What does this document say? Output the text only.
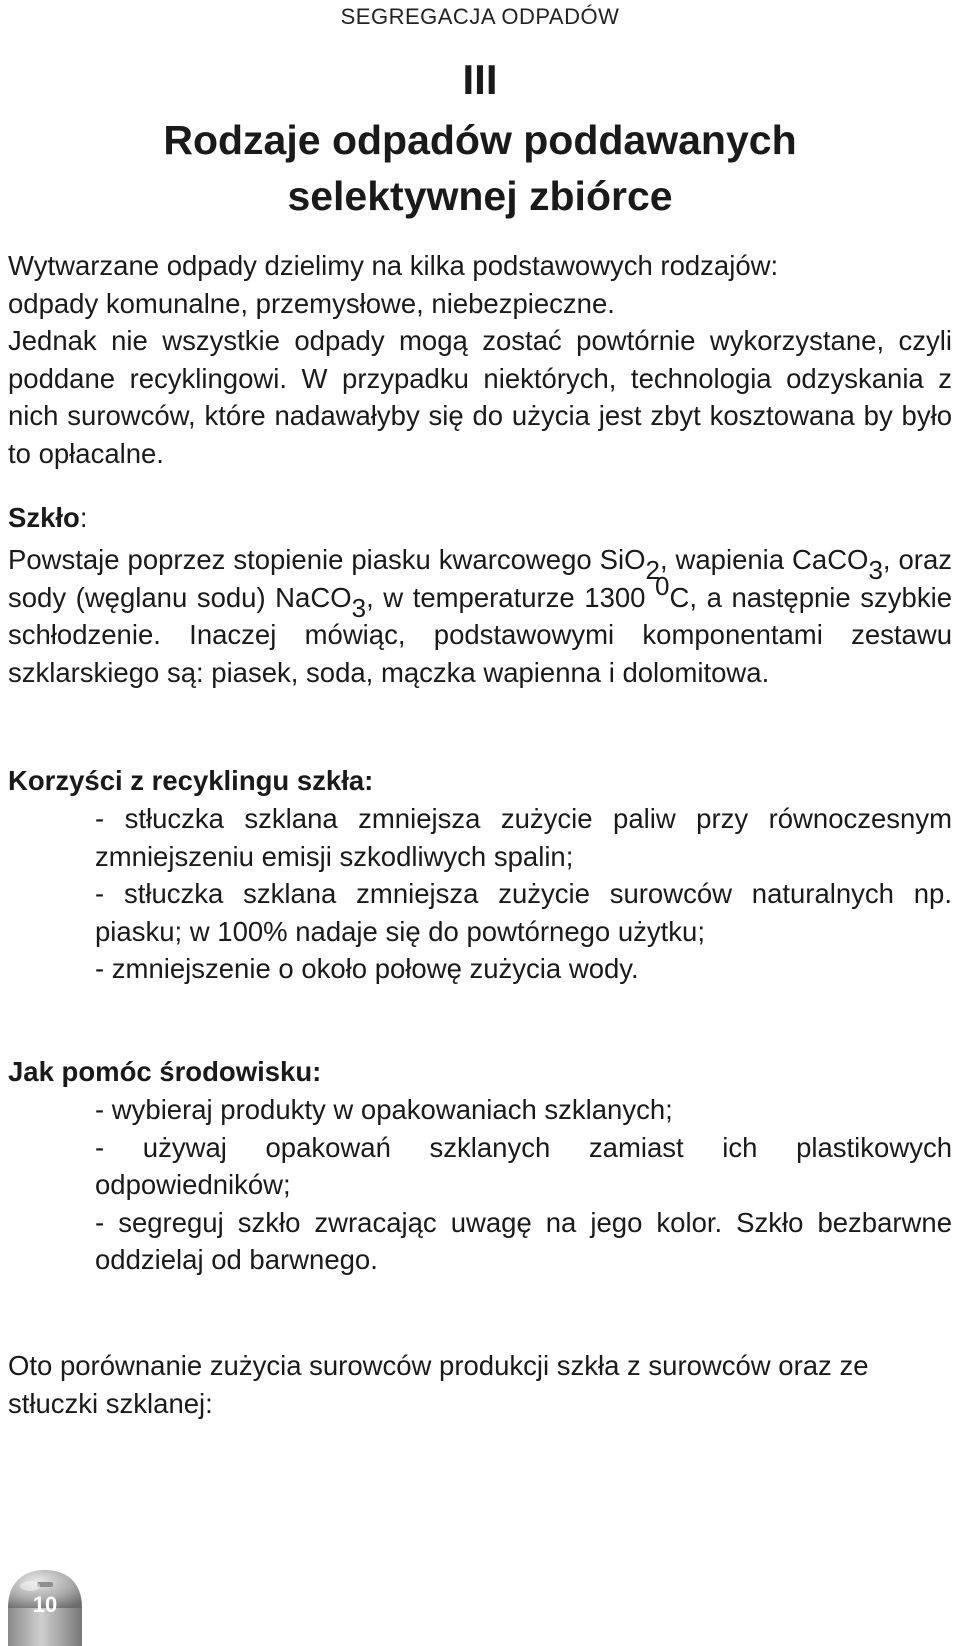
SEGREGACJA ODPADÓW
III
Rodzaje odpadów poddawanych
selektywnej zbiórce

Wytwarzane odpady dzielimy na kilka podstawowych rodzajów:

odpady komunalne, przemysłowe, niebezpieczne.

Jednak nie wszystkie odpady mogą zostać powtórnie wykorzystane, czyli poddane recyklingowi. W przypadku niektórych, technologia odzyskania z nich surowców, które nadawałyby się do użycia jest zbyt kosztowana by było to opłacalne.

Szkło:
Powstaje poprzez stopienie piasku kwarcowego SiO$_2$, wapienia CaCO$_3$, oraz sody (węglanu sodu) NaCO$_3$, w temperaturze 1300 $^0$C, a następnie szybkie schłodzenie. Inaczej mówiąc, podstawowymi komponentami zestawu szklarskiego są: piasek, soda, mączka wapienna i dolomitowa.
Korzyści z recyklingu szkła:

- stłuczka szklana zmniejsza zużycie paliw przy równoczesnym zmniejszeniu emisji szkodliwych spalin;

- stłuczka szklana zmniejsza zużycie surowców naturalnych np. piasku; w 100% nadaje się do powtórnego użytku;

- zmniejszenie o około połowę zużycia wody.

Jak pomóc środowisku:

- wybieraj produkty w opakowaniach szklanych;

- używaj opakowań szklanych zamiast ich plastikowych odpowiedników;

- segreguj szkło zwracając uwagę na jego kolor. Szkło bezbarwne oddzielaj od barwnego.

Oto porównanie zużycia surowców produkcji szkła z surowców oraz ze stłuczki szklanej:
10
